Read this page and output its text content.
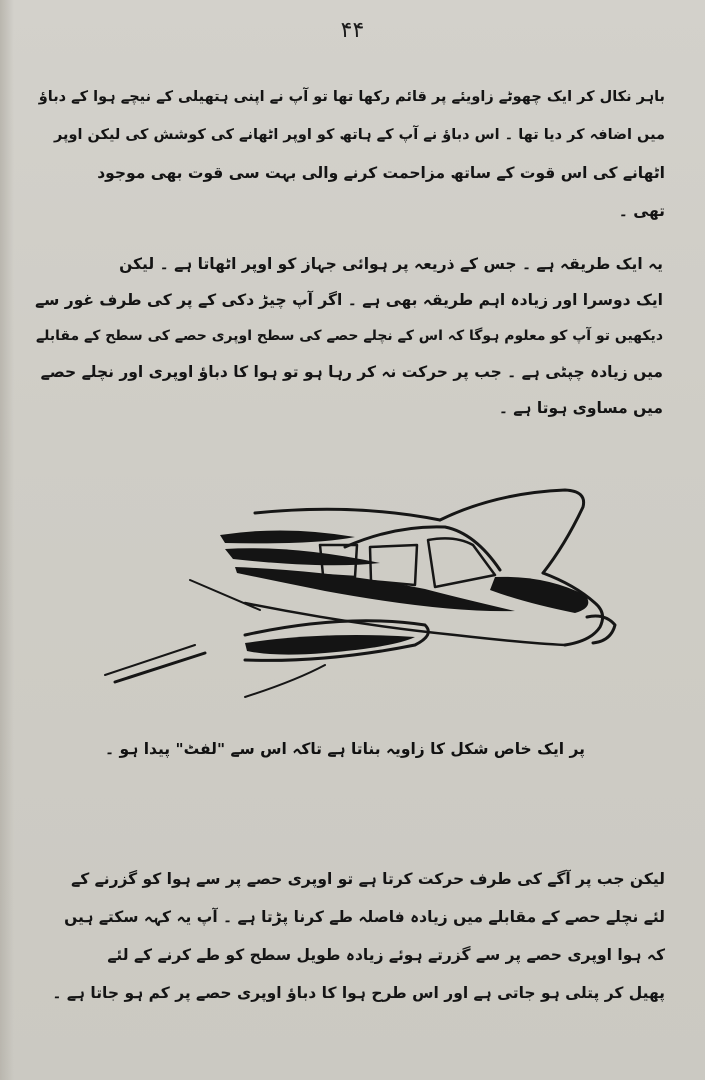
۴۴
باہر نکال کر ایک چھوٹے زاویئے پر قائم رکھا تھا تو آپ نے اپنی ہتھیلی کے نیچے ہوا کے دباؤ
میں اضافہ کر دیا تھا ۔ اس دباؤ نے آپ کے ہاتھ کو اوپر اٹھانے کی کوشش کی لیکن اوپر
اٹھانے کی اس قوت کے ساتھ مزاحمت کرنے والی بہت سی قوت بھی موجود
تھی ۔
یہ ایک طریقہ ہے ۔ جس کے ذریعہ پر ہوائی جہاز کو اوپر اٹھاتا ہے ۔ لیکن
ایک دوسرا اور زیادہ اہم طریقہ بھی ہے ۔ اگر آپ چیڑ دکی کے پر کی طرف غور سے
دیکھیں تو آپ کو معلوم ہوگا کہ اس کے نچلے حصے کی سطح اوپری حصے کی سطح کے مقابلے
میں زیادہ چپٹی ہے ۔ جب پر حرکت نہ کر رہا ہو تو ہوا کا دباؤ اوپری اور نچلے حصے
میں مساوی ہوتا ہے ۔
پر ایک خاص شکل کا زاویہ بناتا ہے تاکہ اس سے "لفٹ" پیدا ہو ۔
لیکن جب پر آگے کی طرف حرکت کرتا ہے تو اوپری حصے پر سے ہوا کو گزرنے کے
لئے نچلے حصے کے مقابلے میں زیادہ فاصلہ طے کرنا پڑتا ہے ۔ آپ یہ کہہ سکتے ہیں
کہ ہوا اوپری حصے پر سے گزرتے ہوئے زیادہ طویل سطح کو طے کرنے کے لئے
پھیل کر پتلی ہو جاتی ہے اور اس طرح ہوا کا دباؤ اوپری حصے پر کم ہو جاتا ہے ۔
